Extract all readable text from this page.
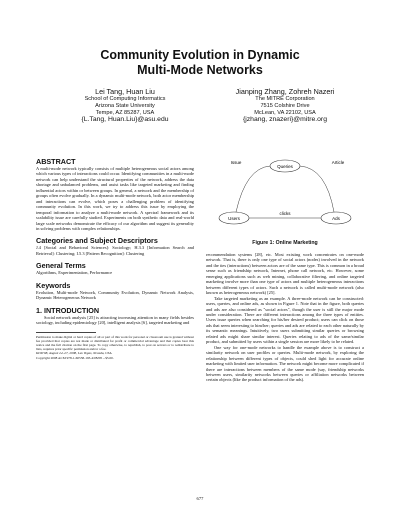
Community Evolution in Dynamic
Multi-Mode Networks
Lei Tang, Huan Liu
School of Computing Informatics
Arizona State University
Tempe, AZ 85287, USA
{L.Tang, Huan.Liu}@asu.edu
Jianping Zhang, Zohreh Nazeri
The MITRE Corporation
7515 Colshire Drive
McLean, VA 22102, USA
{jzhang, znazeri}@mitre.org
ABSTRACT

A multi-mode network typically consists of multiple heterogeneous social actors among which various types of interactions could occur. Identifying communities in a multi-mode network can help understand the structural properties of the network, address the data shortage and unbalanced problems, and assist tasks like targeted marketing and finding influential actors within or between groups. In general, a network and the membership of groups often evolve gradually. In a dynamic multi-mode network, both actor membership and interactions can evolve, which poses a challenging problem of identifying community evolution. In this work, we try to address this issue by employing the temporal information to analyze a multi-mode network. A spectral framework and its scalability issue are carefully studied. Experiments on both synthetic data and real-world large scale networks demonstrate the efficacy of our algorithm and suggest its generality in solving problems with complex relationships.

Categories and Subject Descriptors

J.4 [Social and Behavioral Sciences]: Sociology; H.3.3 [Information Search and Retrieval]: Clustering; I.5.3 [Pattern Recognition]: Clustering

General Terms

Algorithms, Experimentation, Performance

Keywords

Evolution, Multi-mode Network, Community Evolution, Dynamic Network Analysis, Dynamic Heterogeneous Network

1. INTRODUCTION

Social network analysis [25] is attracting increasing attention in many fields besides sociology, including epidemiology [20], intelligent analysis [6], targeted marketing and

Permission to make digital or hard copies of all or part of this work for personal or classroom use is granted without fee provided that copies are not made or distributed for profit or commercial advantage and that copies bear this notice and the full citation on the first page. To copy otherwise, to republish, to post on servers or to redistribute to lists, requires prior specific permission and/or a fee.
KDD'08, August 24–27, 2008, Las Vegas, Nevada, USA.
Copyright 2008 ACM 978-1-60558-193-4/08/08 ...$5.00.
Queries
Users	Ads
Issue	Article
clicks
Figure 1: Online Marketing

recommendation systems [28], etc. Most existing work concentrates on one-mode network. That is, there is only one type of social actors (nodes) involved in the network and the ties (interactions) between actors are of the same type. This is common in a broad sense such as friendship network, Internet, phone call network, etc. However, some emerging applications such as web mining, collaborative filtering, and online targeted marketing involve more than one type of actors and multiple heterogeneous interactions between different types of actors. Such a network is called multi-mode network (also known as heterogeneous network) [25].

Take targeted marketing as an example. A three-mode network can be constructed: users, queries, and online ads, as shown in Figure 1. Note that in the figure, both queries and ads are also considered as "social actors", though the user is still the major mode under consideration. There are different interactions among the three types of entities. Users issue queries when searching for his/her desired product; users can click on those ads that seem interesting to him/her; queries and ads are related to each other naturally by its semantic meanings. Intuitively, two users submitting similar queries or browsing related ads might share similar interest. Queries relating to ads of the same/similar product, and submitted by users within a single session are more likely to be related.

One way for one-mode networks to handle the example above is to construct a similarity network on user profiles or queries. Multi-mode network, by exploring the relationship between different types of objects, could shed light for accurate online marketing with limited user information. The network might become more complicated if there are interactions between members of the same mode (say, friendship networks between users, similarity networks between queries or affiliation networks between certain objects (like the product information of the ads).

677
